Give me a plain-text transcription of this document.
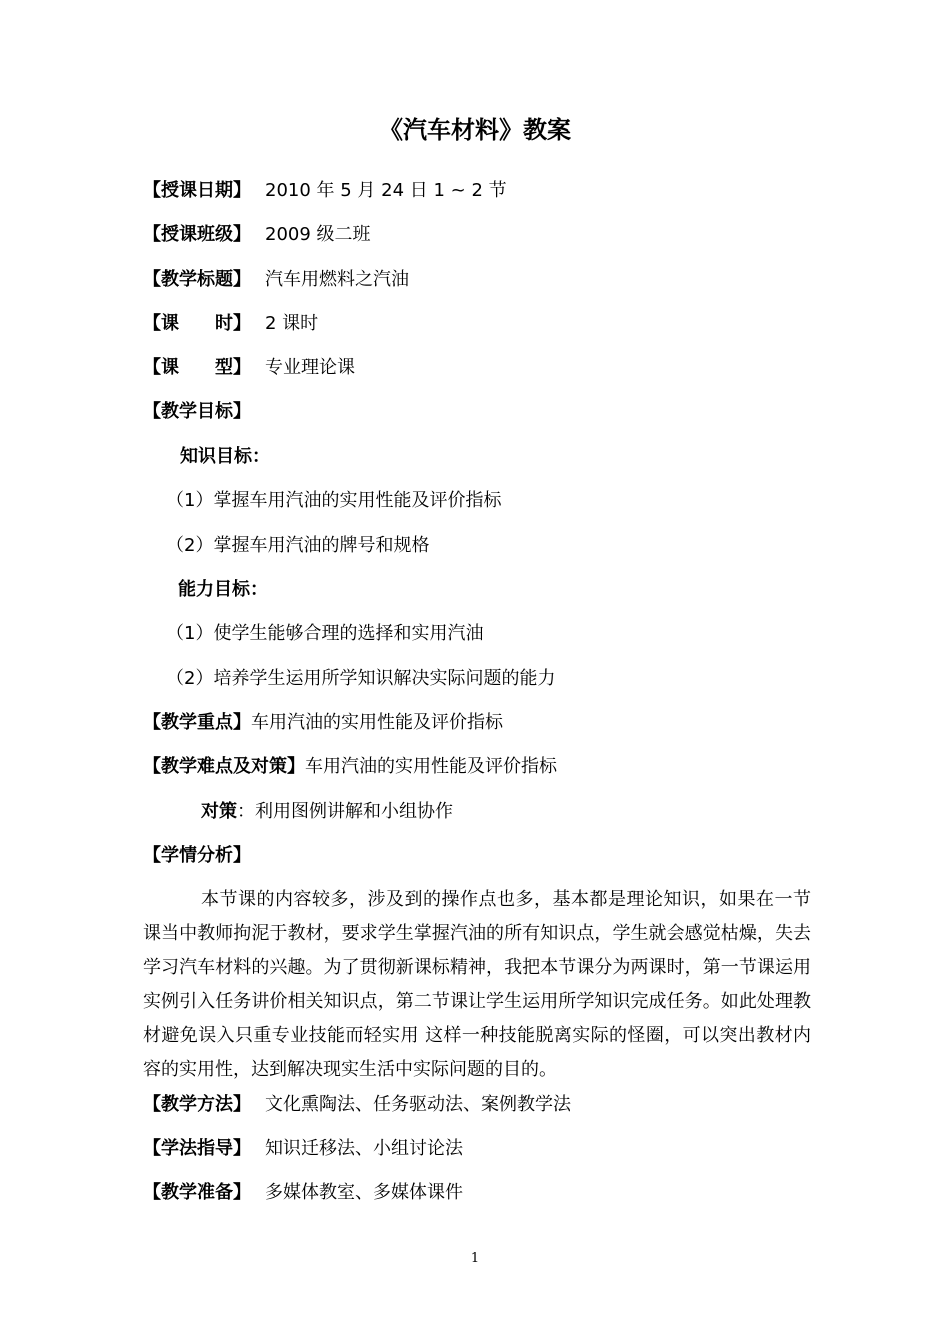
《汽车材料》教案
【授课日期】 2010 年 5 月 24 日 1 ~ 2 节
【授课班级】 2009 级二班
【教学标题】 汽车用燃料之汽油
【课　　时】 2 课时
【课　　型】 专业理论课
【教学目标】
知识目标：
（1）掌握车用汽油的实用性能及评价指标
（2）掌握车用汽油的牌号和规格
能力目标：
（1）使学生能够合理的选择和实用汽油
（2）培养学生运用所学知识解决实际问题的能力
【教学重点】车用汽油的实用性能及评价指标
【教学难点及对策】车用汽油的实用性能及评价指标
对策：利用图例讲解和小组协作
【学情分析】
本节课的内容较多，涉及到的操作点也多，基本都是理论知识，如果在一节课当中教师拘泥于教材，要求学生掌握汽油的所有知识点，学生就会感觉枯燥，失去学习汽车材料的兴趣。为了贯彻新课标精神，我把本节课分为两课时，第一节课运用实例引入任务讲价相关知识点，第二节课让学生运用所学知识完成任务。如此处理教材避免误入只重专业技能而轻实用 这样一种技能脱离实际的怪圈，可以突出教材内容的实用性，达到解决现实生活中实际问题的目的。
【教学方法】 文化熏陶法、任务驱动法、案例教学法
【学法指导】 知识迁移法、小组讨论法
【教学准备】 多媒体教室、多媒体课件
1
